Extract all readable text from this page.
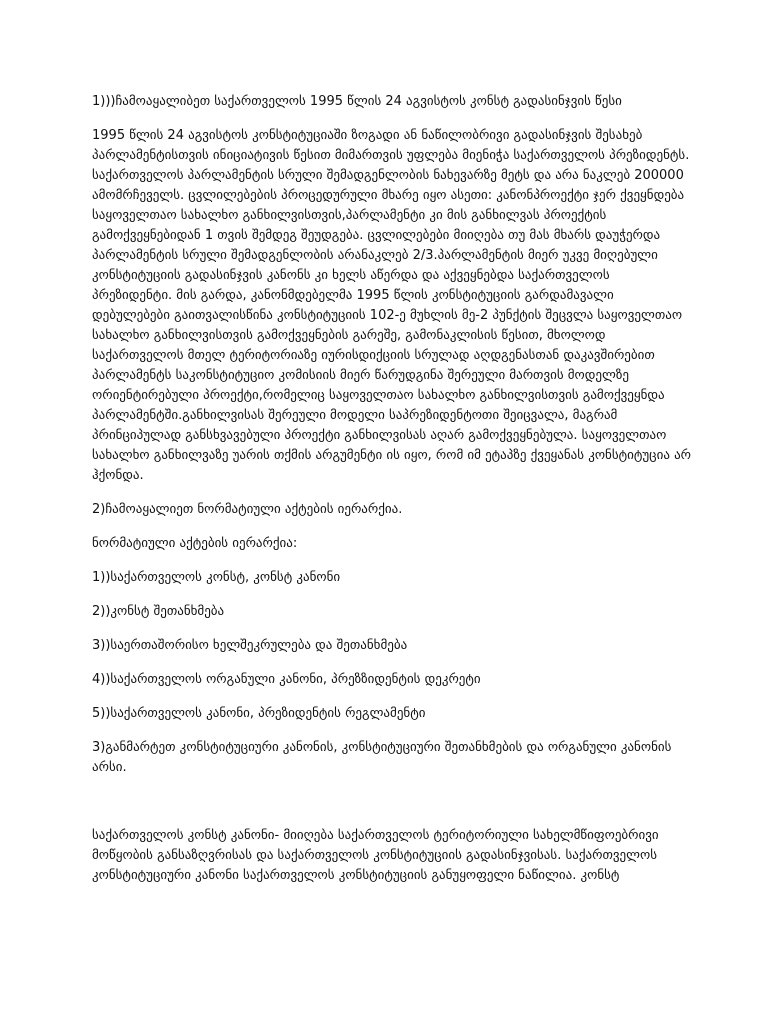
1)))ჩამოაყალიბეთ საქართველოს 1995 წლის 24 აგვისტოს კონსტ გადასინჯვის წესი

1995 წლის 24 აგვისტოს კონსტიტუციაში ზოგადი ან ნაწილობრივი გადასინჯვის შესახებ პარლამენტისთვის ინიციატივის წესით მიმართვის უფლება მიენიჭა საქართველოს პრეზიდენტს. საქართველოს პარლამენტის სრული შემადგენლობის ნახევარზე მეტს და არა ნაკლებ 200000 ამომრჩეველს. ცვლილებების პროცედურული მხარე იყო ასეთი: კანონპროექტი ჯერ ქვეყნდება საყოველთაო სახალხო განხილვისთვის,პარლამენტი კი მის განხილვას პროექტის გამოქვეყნებიდან 1 თვის შემდეგ შეუდგება. ცვლილებები მიიღება თუ მას მხარს დაუჭერდა პარლამენტის სრული შემადგენლობის არანაკლებ 2/3.პარლამენტის მიერ უკვე მიღებული კონსტიტუციის გადასინჯვის კანონს კი ხელს აწერდა და აქვეყნებდა საქართველოს პრეზიდენტი. მის გარდა, კანონმდებელმა 1995 წლის კონსტიტუციის გარდამავალი დებულებები გაითვალისწინა კონსტიტუციის 102-ე მუხლის მე-2 პუნქტის შეცვლა საყოველთაო სახალხო განხილვისთვის გამოქვეყნების გარეშე, გამონაკლისის წესით, მხოლოდ საქართველოს მთელ ტერიტორიაზე იურისდიქციის სრულად აღდგენასთან დაკავშირებით პარლამენტს საკონსტიტუციო კომისიის მიერ წარუდგინა შერეული მართვის მოდელზე ორიენტირებული პროექტი,რომელიც საყოველთაო სახალხო განხილვისთვის გამოქვეყნდა პარლამენტში.განხილვისას შერეული მოდელი საპრეზიდენტოთი შეიცვალა, მაგრამ პრინციპულად განსხვავებული პროექტი განხილვისას აღარ გამოქვეყნებულა. საყოველთაო სახალხო განხილვაზე უარის თქმის არგუმენტი ის იყო, რომ იმ ეტაპზე ქვეყანას კონსტიტუცია არ ჰქონდა.

2)ჩამოაყალიეთ ნორმატიული აქტების იერარქია.

ნორმატიული აქტების იერარქია:

1))საქართველოს კონსტ, კონსტ კანონი

2))კონსტ შეთანხმება

3))საერთაშორისო ხელშეკრულება და შეთანხმება

4))საქართველოს ორგანული კანონი, პრეზზიდენტის დეკრეტი

5))საქართველოს კანონი, პრეზიდენტის რეგლამენტი

3)განმარტეთ კონსტიტუციური კანონის, კონსტიტუციური შეთანხმების და ორგანული კანონის არსი.

საქართველოს კონსტ კანონი- მიიღება საქართველოს ტერიტორიული სახელმწიფოებრივი მოწყობის განსაზღვრისას და საქართველოს კონსტიტუციის გადასინჯვისას. საქართველოს კონსტიტუციური კანონი საქართველოს კონსტიტუციის განუყოფელი ნაწილია. კონსტ
